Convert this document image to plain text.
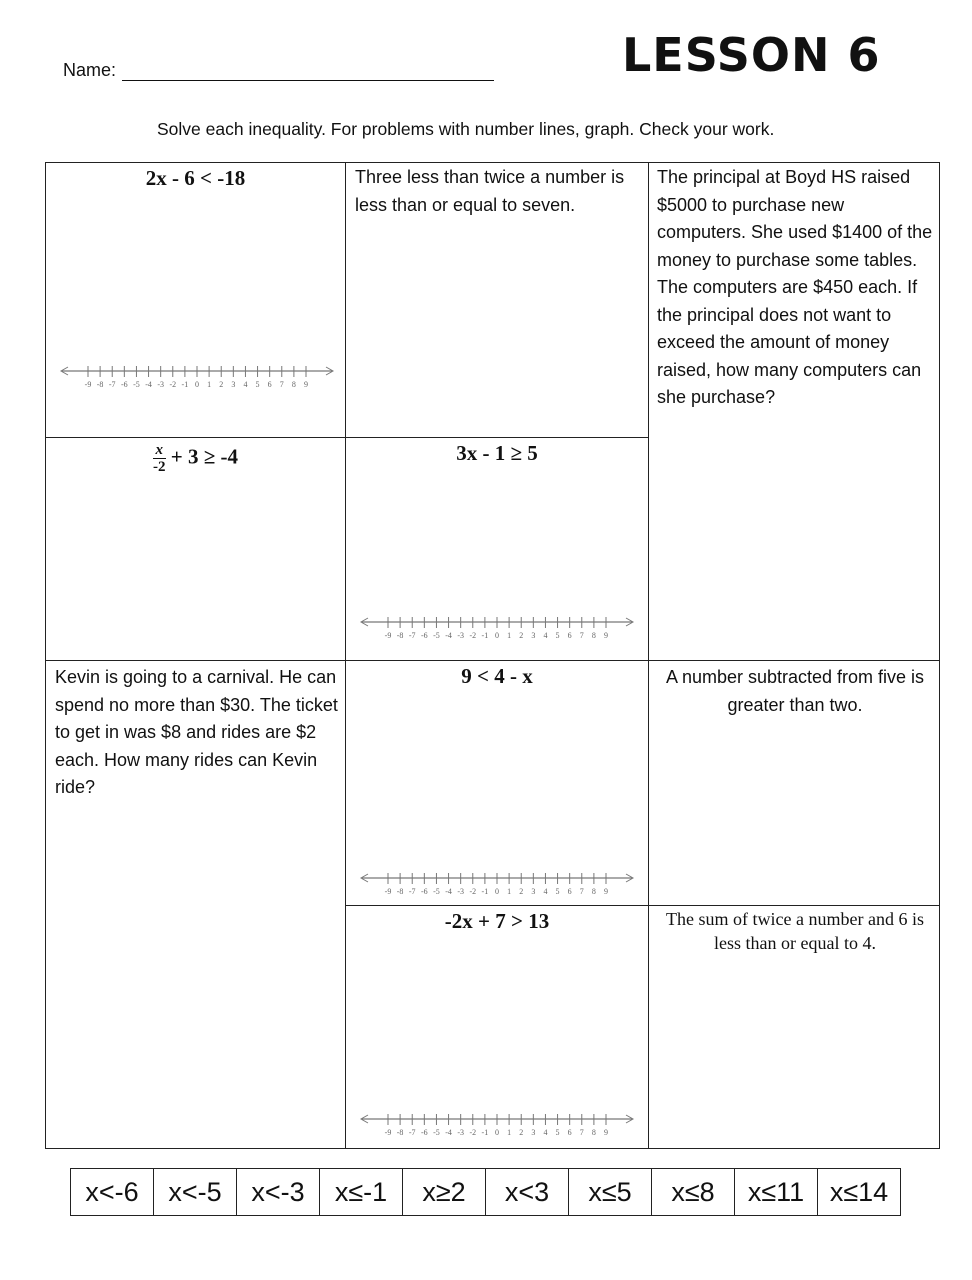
Name:	LESSON 6
Solve each inequality. For problems with number lines, graph. Check your work.
2x - 6 < -18
-9 -8 -7 -6 -5 -4 -3 -2 -1 0 1 2 3 4 5 6 7 8 9
Three less than twice a number is less than or equal to seven.
The principal at Boyd HS raised $5000 to purchase new computers. She used $1400 of the money to purchase some tables. The computers are $450 each. If the principal does not want to exceed the amount of money raised, how many computers can she purchase?
$\frac{x}{-2} + 3 \ge -4$	3x - 1 ≥ 5
-9 -8 -7 -6 -5 -4 -3 -2 -1 0 1 2 3 4 5 6 7 8 9
Kevin is going to a carnival. He can spend no more than $30. The ticket to get in was $8 and rides are $2 each. How many rides can Kevin ride?
9 < 4 - x
-9 -8 -7 -6 -5 -4 -3 -2 -1 0 1 2 3 4 5 6 7 8 9
A number subtracted from five is greater than two.
-2x + 7 > 13
-9 -8 -7 -6 -5 -4 -3 -2 -1 0 1 2 3 4 5 6 7 8 9
The sum of twice a number and 6 is less than or equal to 4.
x<-6	x<-5	x<-3	x≤-1	x≥2	x<3	x≤5	x≤8	x≤11 x≤14
